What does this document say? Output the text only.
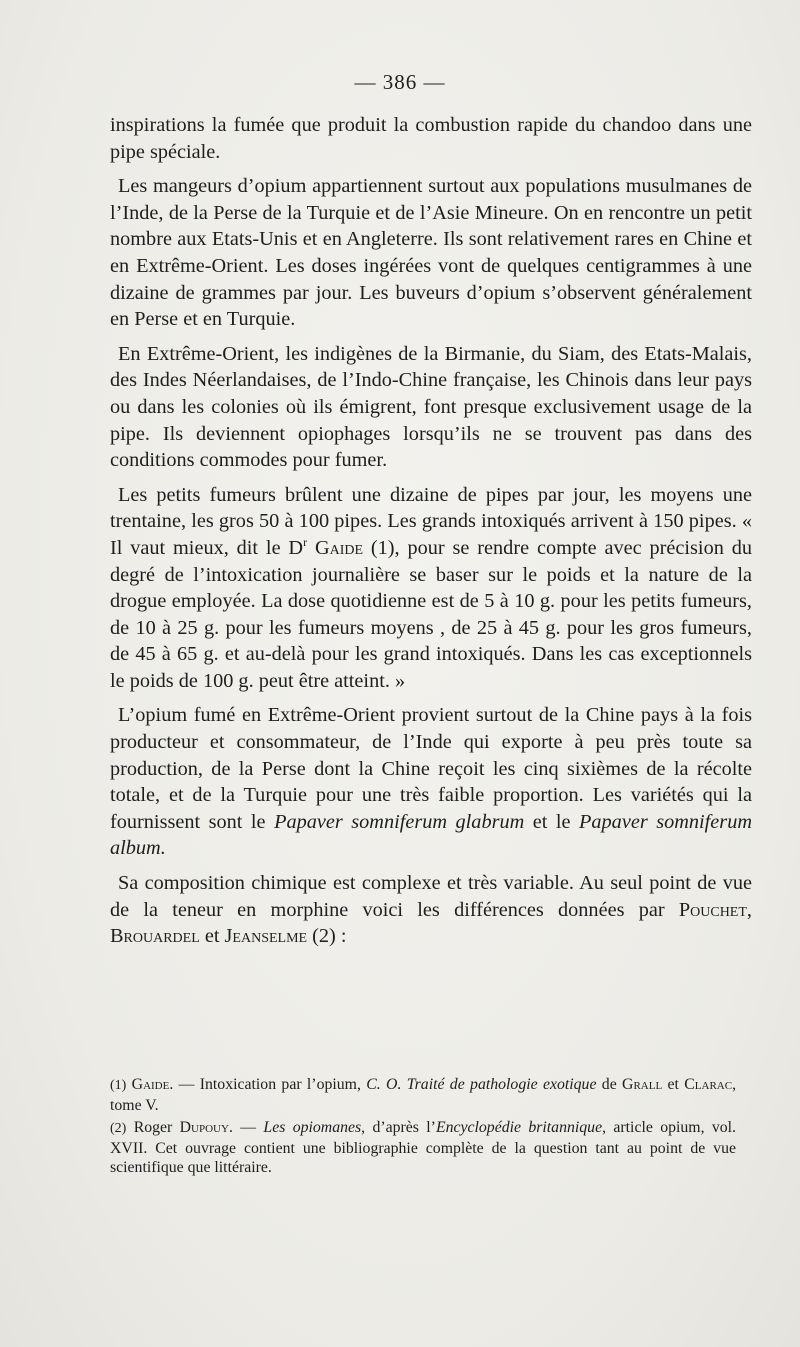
— 386 —

inspirations la fumée que produit la combustion rapide du chandoo dans une pipe spéciale.

Les mangeurs d’opium appartiennent surtout aux populations musulmanes de l’Inde, de la Perse de la Turquie et de l’Asie Mineure. On en rencontre un petit nombre aux Etats-Unis et en Angleterre. Ils sont relativement rares en Chine et en Extrême-Orient. Les doses ingérées vont de quelques centigrammes à une dizaine de grammes par jour. Les buveurs d’opium s’observent généralement en Perse et en Turquie.

En Extrême-Orient, les indigènes de la Birmanie, du Siam, des Etats-Malais, des Indes Néerlandaises, de l’Indo-Chine française, les Chinois dans leur pays ou dans les colonies où ils émigrent, font presque exclusivement usage de la pipe. Ils deviennent opiophages lorsqu’ils ne se trouvent pas dans des conditions commodes pour fumer.

Les petits fumeurs brûlent une dizaine de pipes par jour, les moyens une trentaine, les gros 50 à 100 pipes. Les grands intoxiqués arrivent à 150 pipes. « Il vaut mieux, dit le $D^r$ Gaide (1), pour se rendre compte avec précision du degré de l’intoxication journalière se baser sur le poids et la nature de la drogue employée. La dose quotidienne est de 5 à 10 g. pour les petits fumeurs, de 10 à 25 g. pour les fumeurs moyens , de 25 à 45 g. pour les gros fumeurs, de 45 à 65 g. et au-delà pour les grand intoxiqués. Dans les cas exceptionnels le poids de 100 g. peut être atteint. »

L’opium fumé en Extrême-Orient provient surtout de la Chine pays à la fois producteur et consommateur, de l’Inde qui exporte à peu près toute sa production, de la Perse dont la Chine reçoit les cinq sixièmes de la récolte totale, et de la Turquie pour une très faible proportion. Les variétés qui la fournissent sont le Papaver somniferum glabrum et le Papaver somniferum album.

Sa composition chimique est complexe et très variable. Au seul point de vue de la teneur en morphine voici les différences données par Pouchet, Brouardel et Jeanselme (2) :

(1) Gaide. — Intoxication par l’opium, C. O. Traité de pathologie exotique de Grall et Clarac, tome V.

(2) Roger Dupouy. — Les opiomanes, d’après l’Encyclopédie britannique, article opium, vol. XVII. Cet ouvrage contient une bibliographie complète de la question tant au point de vue scientifique que littéraire.
